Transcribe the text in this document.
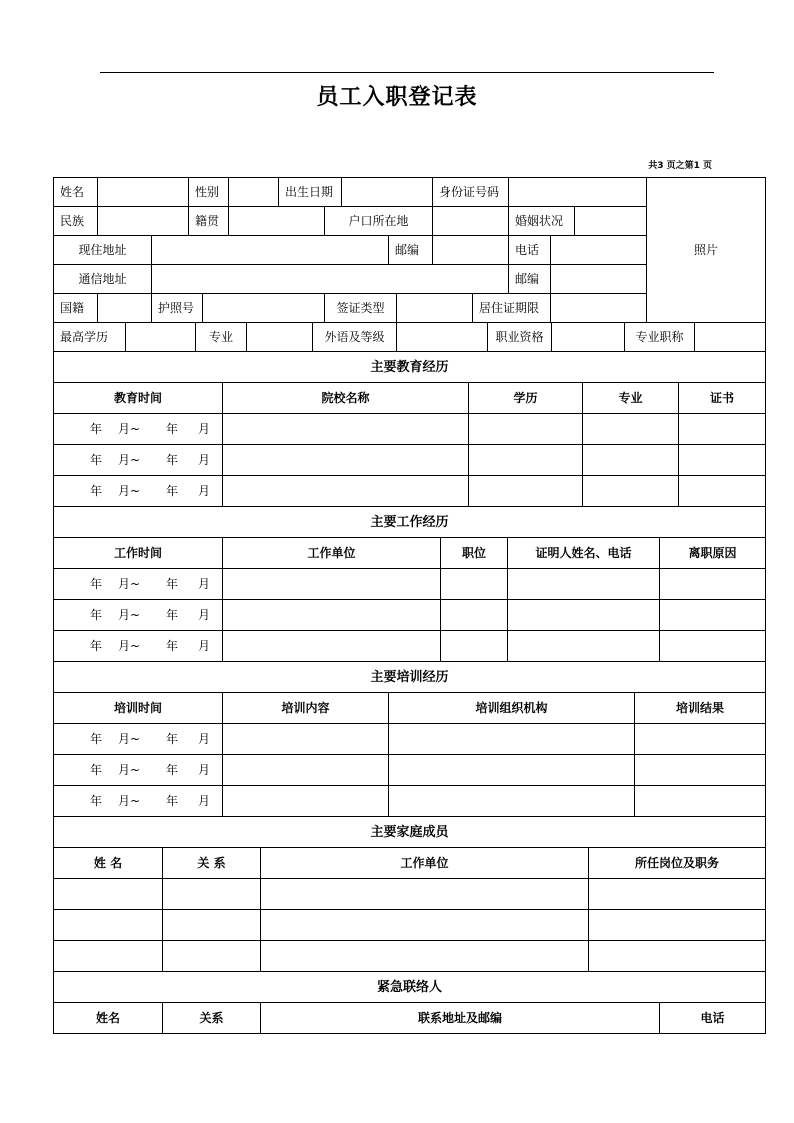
员工入职登记表
共3 页之第1 页
姓名	性别	出生日期	身份证号码
民族	籍贯	户口所在地	婚姻状况
现住地址	邮编	电话
通信地址	邮编
国籍	护照号	签证类型	居住证期限
照片
最高学历	专业	外语及等级	职业资格	专业职称
主要教育经历
教育时间	院校名称	学历	专业	证书
年 月~ 年 月
年 月~ 年 月
年 月~ 年 月
主要工作经历
工作时间	工作单位	职位	证明人姓名、电话	离职原因
年 月~ 年 月
年 月~ 年 月
年 月~ 年 月
主要培训经历
培训时间	培训内容	培训组织机构	培训结果
年 月~ 年 月
年 月~ 年 月
年 月~ 年 月
主要家庭成员
姓 名	关 系	工作单位	所任岗位及职务
紧急联络人
姓名	关系	联系地址及邮编	电话
